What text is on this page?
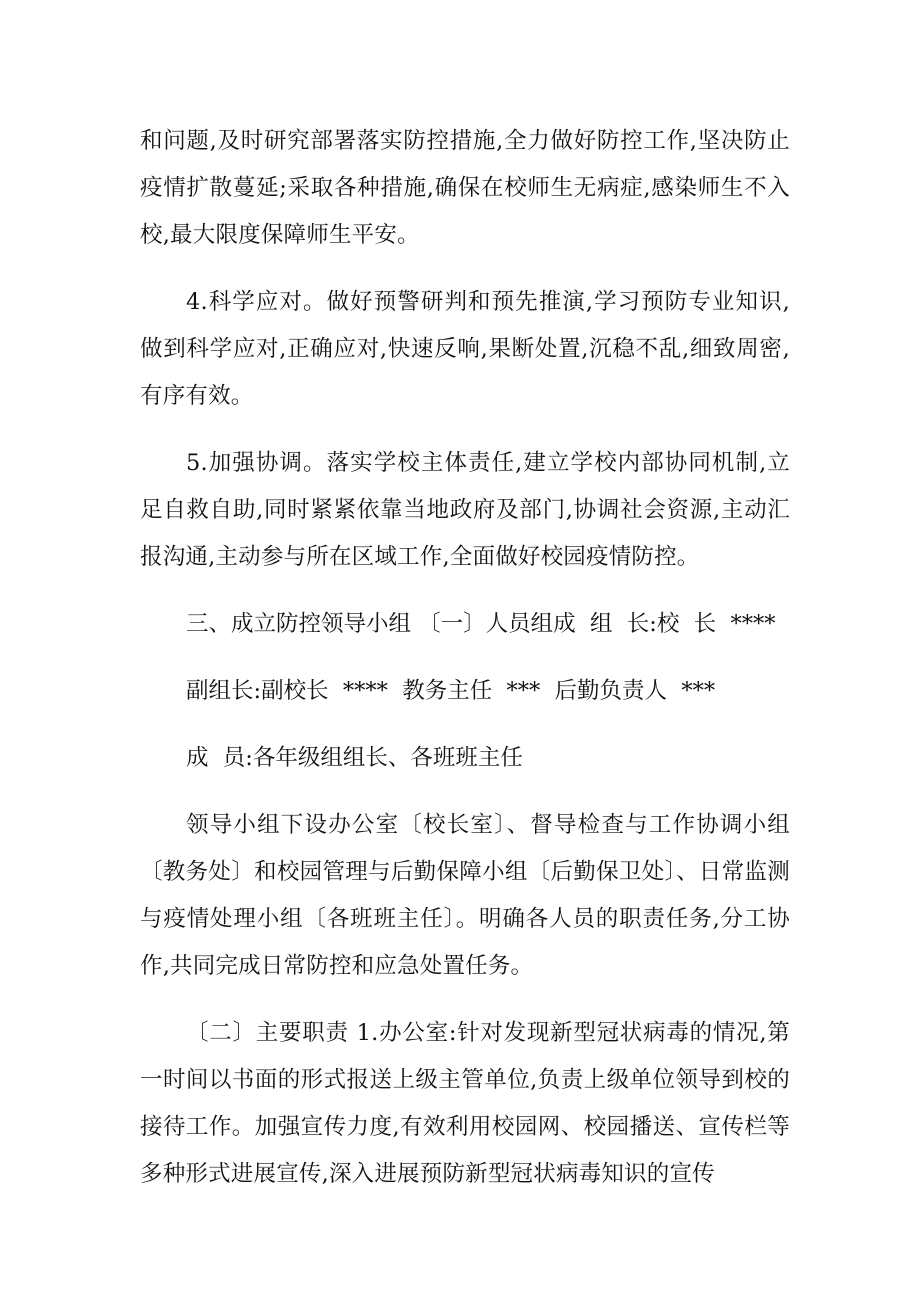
和问题,及时研究部署落实防控措施,全力做好防控工作,坚决防止疫情扩散蔓延;采取各种措施,确保在校师生无病症,感染师生不入校,最大限度保障师生平安。

4.科学应对。做好预警研判和预先推演,学习预防专业知识,做到科学应对,正确应对,快速反响,果断处置,沉稳不乱,细致周密,有序有效。

5.加强协调。落实学校主体责任,建立学校内部协同机制,立足自救自助,同时紧紧依靠当地政府及部门,协调社会资源,主动汇报沟通,主动参与所在区域工作,全面做好校园疫情防控。

三、成立防控领导小组 〔一〕人员组成  组  长:校  长  ****
副组长:副校长  ****  教务主任  ***  后勤负责人  ***
成  员:各年级组组长、各班班主任

领导小组下设办公室〔校长室〕、督导检查与工作协调小组〔教务处〕和校园管理与后勤保障小组〔后勤保卫处〕、日常监测与疫情处理小组〔各班班主任〕。明确各人员的职责任务,分工协作,共同完成日常防控和应急处置任务。

〔二〕主要职责 1.办公室:针对发现新型冠状病毒的情况,第一时间以书面的形式报送上级主管单位,负责上级单位领导到校的接待工作。加强宣传力度,有效利用校园网、校园播送、宣传栏等多种形式进展宣传,深入进展预防新型冠状病毒知识的宣传
